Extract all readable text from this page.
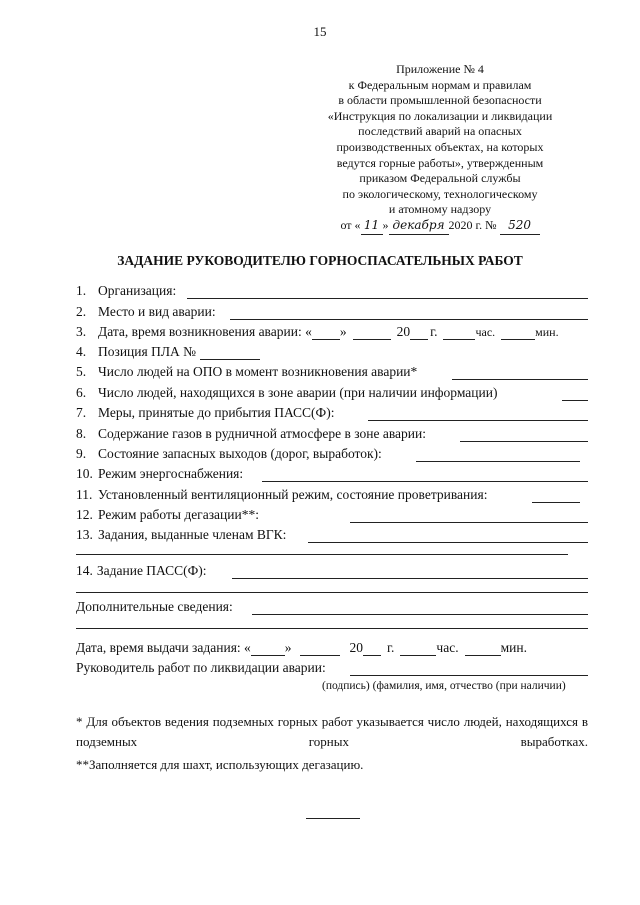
15
Приложение № 4
к Федеральным нормам и правилам
в области промышленной безопасности
«Инструкция по локализации и ликвидации
последствий аварий на опасных
производственных объектах, на которых
ведутся горные работы», утвержденным
приказом Федеральной службы
по экологическому, технологическому
и атомному надзору
от « 11 » декабря 2020 г. № 520
ЗАДАНИЕ РУКОВОДИТЕЛЮ ГОРНОСПАСАТЕЛЬНЫХ РАБОТ
1. Организация:
2. Место и вид аварии:
3. Дата, время возникновения аварии: « »	20 г.	час.	мин.
4. Позиция ПЛА №
5. Число людей на ОПО в момент возникновения аварии*
6. Число людей, находящихся в зоне аварии (при наличии информации)
7. Меры, принятые до прибытия ПАСС(Ф):
8. Содержание газов в рудничной атмосфере в зоне аварии:
9. Состояние запасных выходов (дорог, выработок):
10. Режим энергоснабжения:
11. Установленный вентиляционный режим, состояние проветривания:
12. Режим работы дегазации**:
13. Задания, выданные членам ВГК:
14. Задание ПАСС(Ф):
Дополнительные сведения:
Дата, время выдачи задания: «	»	20 г.	час.	мин.
Руководитель работ по ликвидации аварии:
(подпись) (фамилия, имя, отчество (при наличии)
* Для объектов ведения подземных горных работ указывается число людей, находящихся в подземных горных выработках.
**Заполняется для шахт, использующих дегазацию.
